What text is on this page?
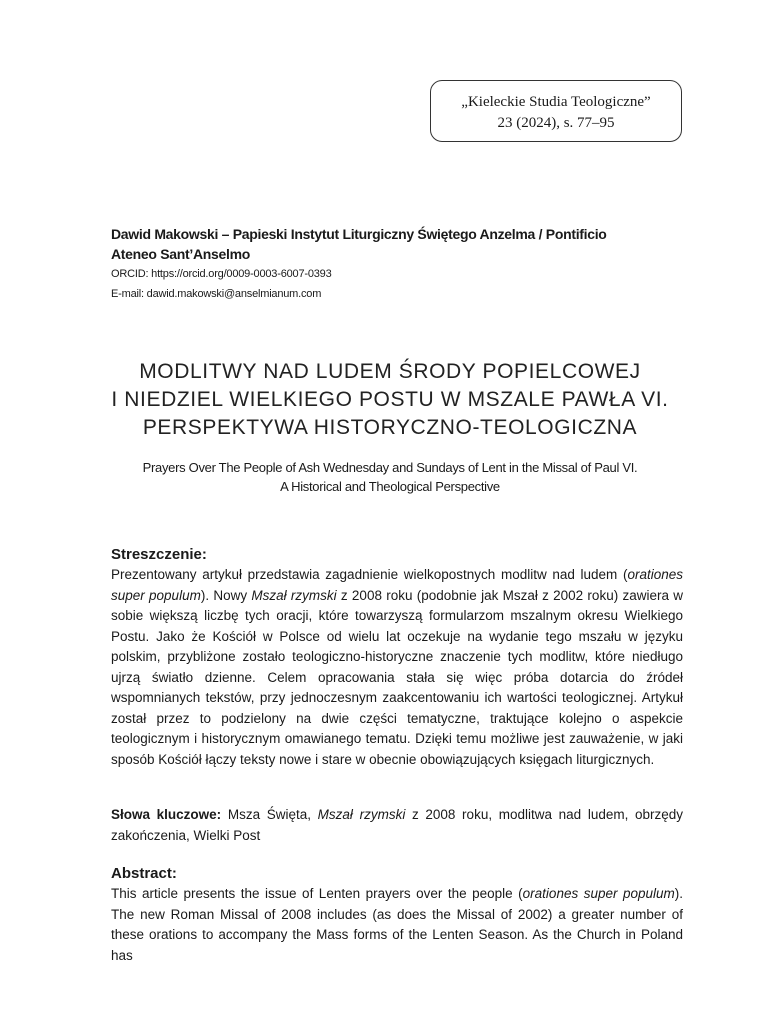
„Kieleckie Studia Teologiczne”
23 (2024), s. 77–95
Dawid Makowski – Papieski Instytut Liturgiczny Świętego Anzelma / Pontificio
Ateneo Sant’Anselmo
ORCID: https://orcid.org/0009-0003-6007-0393
E-mail: dawid.makowski@anselmianum.com
MODLITWY NAD LUDEM ŚRODY POPIELCOWEJ
I NIEDZIEL WIELKIEGO POSTU W MSZALE PAWŁA VI.
PERSPEKTYWA HISTORYCZNO-TEOLOGICZNA
Prayers Over The People of Ash Wednesday and Sundays of Lent in the Missal of Paul VI.
A Historical and Theological Perspective
Streszczenie:

Prezentowany artykuł przedstawia zagadnienie wielkopostnych modlitw nad ludem (orationes super populum). Nowy Mszał rzymski z 2008 roku (podobnie jak Mszał z 2002 roku) zawiera w sobie większą liczbę tych oracji, które towarzyszą formularzom mszalnym okresu Wielkiego Postu. Jako że Kościół w Polsce od wielu lat oczekuje na wydanie tego mszału w języku polskim, przybliżone zostało teologiczno-historyczne znaczenie tych modlitw, które niedługo ujrzą światło dzienne. Celem opracowania stała się więc próba dotarcia do źródeł wspomnianych tekstów, przy jednoczesnym zaakcentowaniu ich wartości teologicznej. Artykuł został przez to podzielony na dwie części tematyczne, traktujące kolejno o aspekcie teologicznym i historycznym omawianego tematu. Dzięki temu możliwe jest zauważenie, w jaki sposób Kościół łączy teksty nowe i stare w obecnie obowiązujących księgach liturgicznych.

Słowa kluczowe: Msza Święta, Mszał rzymski z 2008 roku, modlitwa nad ludem, obrzędy zakończenia, Wielki Post

Abstract:

This article presents the issue of Lenten prayers over the people (orationes super populum). The new Roman Missal of 2008 includes (as does the Missal of 2002) a greater number of these orations to accompany the Mass forms of the Lenten Season. As the Church in Poland has
